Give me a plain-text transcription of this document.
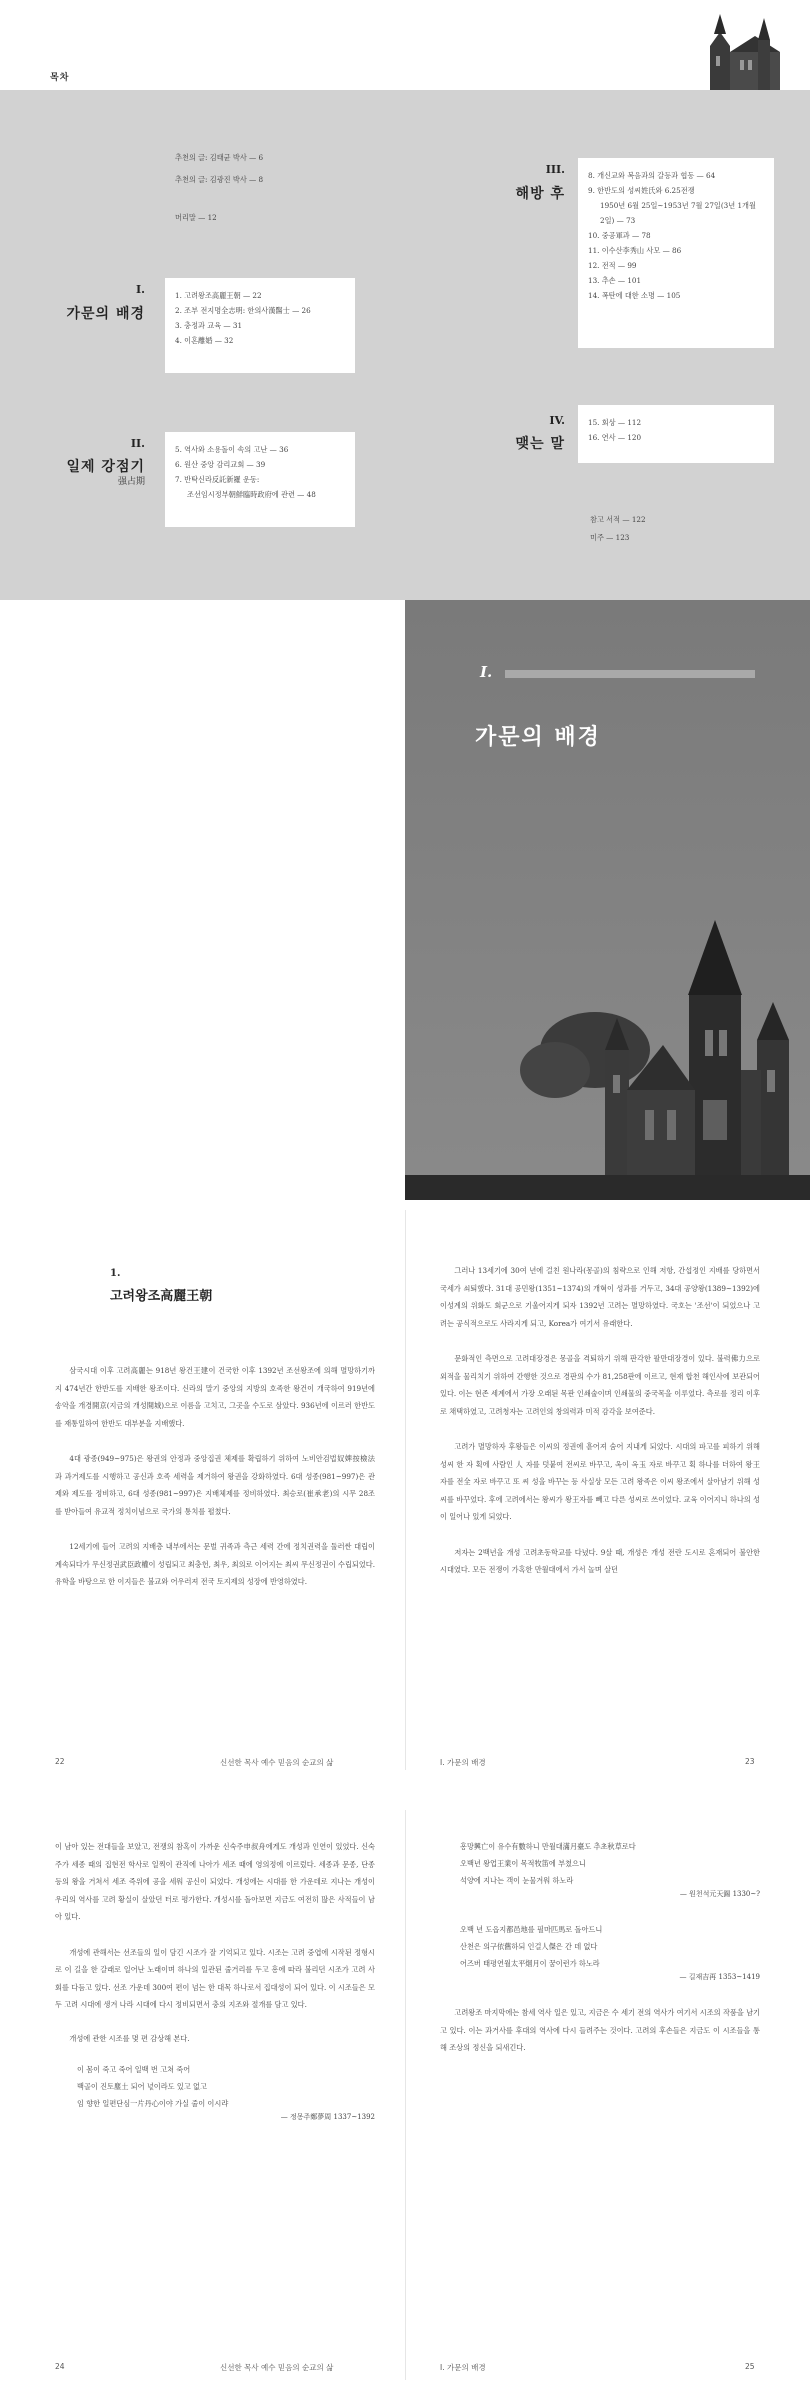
목차
추천의 글: 김태균 박사 — 6
추천의 글: 김광진 박사 — 8
머리말 — 12
I.
가문의 배경
1. 고려왕조高麗王朝 — 22
2. 조부 전지명全志明: 한의사漢醫士 — 26
3. 충정과 교육 — 31
4. 이혼離婚 — 32
II.
일제 강점기
强占期
5. 역사와 소용돌이 속의 고난 — 36
6. 원산 중앙 감리교회 — 39
7. 반탁신라反託新羅 운동:
조선임시정부朝鮮臨時政府에 관련 — 48
III.
해방 후
8. 개신교와 복음과의 갈등과 협동 — 64
9. 한반도의 성씨姓氏와 6.25전쟁
1950년 6월 25일~1953년 7월 27일(3년 1개월
2일) — 73
10. 중공軍과 — 78
11. 이수산李秀山 사모 — 86
12. 전적 — 99
13. 추손 — 101
14. 폭탄에 대한 소명 — 105
IV.
맺는 말
15. 회상 — 112
16. 연사 — 120
참고 서적 — 122
미주 — 123
I.
가문의 배경
1.
고려왕조高麗王朝

삼국시대 이후 고려高麗는 918년 왕건王建이 건국한 이후 1392년 조선왕조에 의해 멸망하기까지 474년간 한반도를 지배한 왕조이다. 신라의 말기 중앙의 지방의 호족한 왕건이 개국하여 919년에 송악을 개경開京(지금의 개성開城)으로 이름을 고치고, 그곳을 수도로 삼았다. 936년에 이르러 한반도를 재통일하여 한반도 대부분을 지배했다.

4대 광종(949~975)은 왕권의 안정과 중앙집권 체제를 확립하기 위하여 노비안검법奴婢按檢法과 과거제도를 시행하고 공신과 호족 세력을 제거하여 왕권을 강화하였다. 6대 성종(981~997)은 관제와 제도를 정비하고, 6대 성종(981~997)은 지배체제를 정비하였다. 최승로(崔承老)의 시무 28조를 받아들여 유교적 정치이념으로 국가의 통치를 펼쳤다.

12세기에 들어 고려의 지배층 내부에서는 문벌 귀족과 측근 세력 간에 정치권력을 둘러싼 대립이 계속되다가 무신정권武臣政權이 성립되고 최충헌, 최우, 최의로 이어지는 최씨 무신정권이 수립되었다. 유학을 바탕으로 한 이지들은 불교와 어우러져 전국 토지제의 성장에 반영하였다.

22	신선한 목사 예수 믿음의 순교의 삶

그러나 13세기에 30여 년에 걸친 원나라(몽골)의 침략으로 인해 저항, 간섭정인 지배를 당하면서 국세가 쇠퇴했다. 31대 공민왕(1351~1374)의 개혁이 성과를 거두고, 34대 공양왕(1389~1392)에 이성계의 위화도 회군으로 기울어지게 되자 1392년 고려는 멸망하였다. 국호는 '조선'이 되었으나 고려는 공식적으로도 사라지게 되고, Korea가 여기서 유래한다.

문화적인 측면으로 고려대장경은 몽골을 격퇴하기 위해 판각한 팔만대장경이 있다. 불력佛力으로 외적을 물리치기 위하여 간행한 것으로 경판의 수가 81,258판에 이르고, 현재 합천 해인사에 보관되어 있다. 이는 현존 세계에서 가장 오래된 목판 인쇄술이며 인쇄물의 중국목을 이루었다. 측로를 정리 이후로 채택하였고, 고려청자는 고려인의 창의력과 미적 감각을 보여준다.

고려가 멸망하자 후왕들은 이씨의 정권에 흩어져 숨어 지내게 되었다. 시대의 파고를 피하기 위해 성씨 한 자 획에 사람인 人 자를 덧붙여 전씨로 바꾸고, 옥이 옥玉 자로 바꾸고 획 하나를 더하여 왕王 자를 전全 자로 바꾸고 또 씨 성을 바꾸는 등 사실상 모든 고려 왕족은 이씨 왕조에서 살아남기 위해 성씨를 바꾸었다. 후에 고려에서는 왕씨가 왕王자를 빼고 다른 성씨로 쓰이었다. 교육 이어지니 하나의 성이 일어나 있게 되었다.

저자는 2백년을 개성 고려초동학교를 다녔다. 9살 때, 개성은 개성 전란 도시로 혼재되어 불안한 시대였다. 모든 전쟁이 가혹한 만월대에서 가서 놀며 살던

I. 가문의 배경	23

이 남아 있는 전대들을 보았고, 전쟁의 참혹이 가까운 신숙주申叔舟에게도 개성과 인연이 있었다. 신숙주가 세종 때의 집현전 학사로 일찍이 관직에 나아가 세조 때에 영의정에 이르렀다. 세종과 문종, 단종 등의 왕을 거쳐서 세조 즉위에 공을 세워 공신이 되었다. 개성에는 시대를 한 가운데로 지나는 개성이 우리의 역사를 고려 황실이 살았던 터로 평가한다. 개성시를 돌아보면 지금도 여전히 많은 사적들이 남아 있다.

개성에 관해서는 선조들의 일이 담긴 시조가 잘 기억되고 있다. 시조는 고려 중엽에 시작된 정형시로 이 길을 한 갈래로 일어난 노래이며 하나의 일관된 줄거리를 두고 흥에 따라 불리던 시조가 고려 사회를 다듬고 있다. 선조 가운데 300여 편이 넘는 한 대목 하나로서 집대성이 되어 있다. 이 시조들은 모두 고려 시대에 생겨 나라 시대에 다시 정비되면서 충의 지조와 절개를 담고 있다.

개성에 관한 시조를 몇 편 감상해 본다.

이 몸이 죽고 죽어 일백 번 고쳐 죽어
백골이 진토塵土 되어 넋이라도 있고 없고
임 향한 일편단심一片丹心이야 가실 줄이 이시랴
— 정몽주鄭夢周 1337~1392
24	신선한 목사 예수 믿음의 순교의 삶
흥망興亡이 유수有數하니 만월대滿月臺도 추초秋草로다
오백년 왕업王業이 목적牧笛에 부쳤으니
석양에 지나는 객이 눈물겨워 하노라
— 원천석元天錫 1330~?
오백 년 도읍지都邑地를 필마匹馬로 돌아드니
산천은 의구依舊하되 인걸人傑은 간 데 없다
어즈버 태평연월太平烟月이 꿈이런가 하노라
— 길재吉再 1353~1419

고려왕조 마지막에는 참세 역사 일은 있고, 지금은 수 세기 전의 역사가 여기서 시조의 작품을 남기고 있다. 이는 과거사를 후대의 역사에 다시 들려주는 것이다. 고려의 후손들은 지금도 이 시조들을 통해 조상의 정신을 되새긴다.

I. 가문의 배경	25
